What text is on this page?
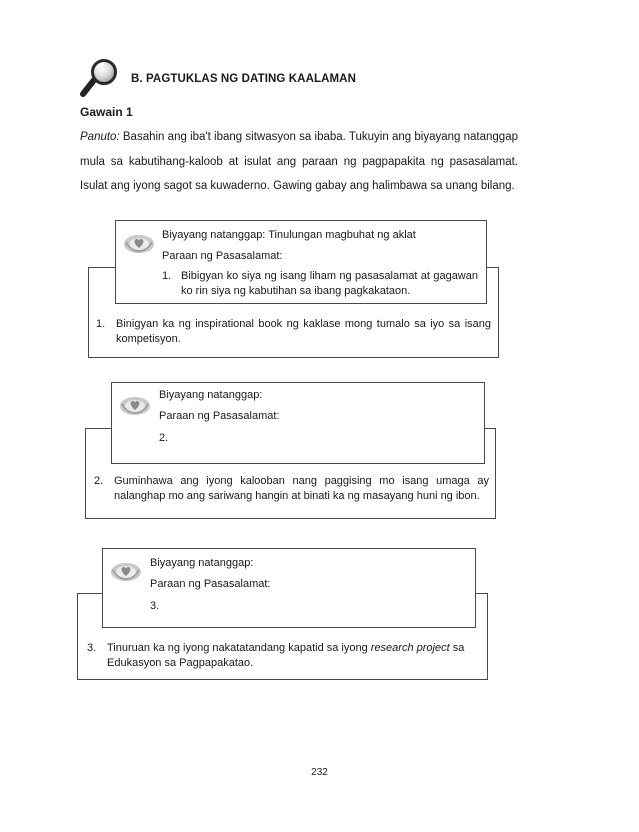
B. PAGTUKLAS NG DATING KAALAMAN
Gawain 1
Panuto: Basahin ang iba't ibang sitwasyon sa ibaba. Tukuyin ang biyayang natanggap mula sa kabutihang-kaloob at isulat ang paraan ng pagpapakita ng pasasalamat. Isulat ang iyong sagot sa kuwaderno. Gawing gabay ang halimbawa sa unang bilang.
1. Binigyan ka ng inspirational book ng kaklase mong tumalo sa iyo sa isang kompetisyon.
Biyayang natanggap: Tinulungan magbuhat ng aklat
Paraan ng Pasasalamat:
1. Bibigyan ko siya ng isang liham ng pasasalamat at gagawan ko rin siya ng kabutihan sa ibang pagkakataon.
2. Guminhawa ang iyong kalooban nang paggising mo isang umaga ay nalanghap mo ang sariwang hangin at binati ka ng masayang huni ng ibon.
Biyayang natanggap:
Paraan ng Pasasalamat:
2.
3. Tinuruan ka ng iyong nakatatandang kapatid sa iyong research project sa Edukasyon sa Pagpapakatao.
Biyayang natanggap:
Paraan ng Pasasalamat:
3.
232
